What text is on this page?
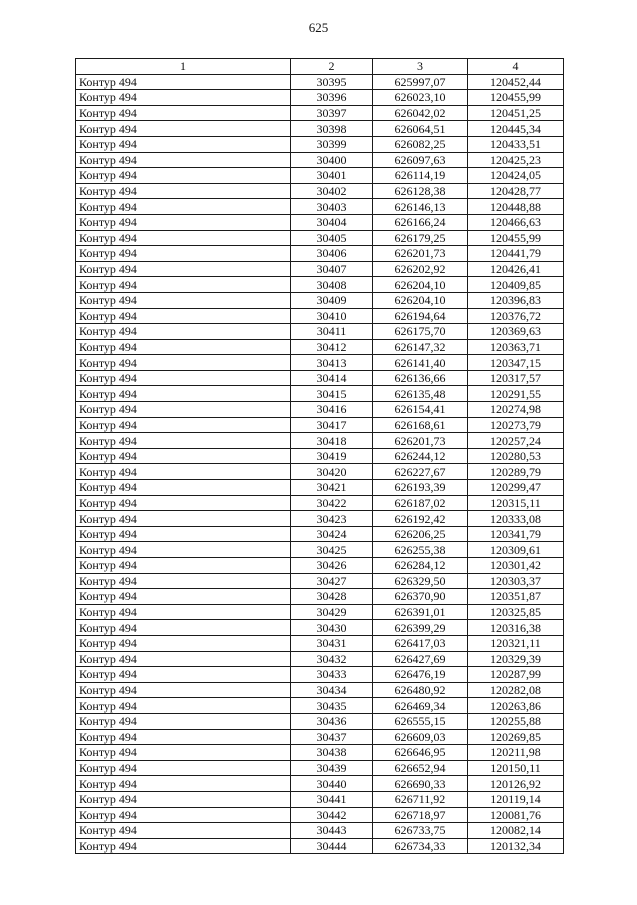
625
1	2	3	4
Контур 494	30395	625997,07	120452,44
Контур 494	30396	626023,10	120455,99
Контур 494	30397	626042,02	120451,25
Контур 494	30398	626064,51	120445,34
Контур 494	30399	626082,25	120433,51
Контур 494	30400	626097,63	120425,23
Контур 494	30401	626114,19	120424,05
Контур 494	30402	626128,38	120428,77
Контур 494	30403	626146,13	120448,88
Контур 494	30404	626166,24	120466,63
Контур 494	30405	626179,25	120455,99
Контур 494	30406	626201,73	120441,79
Контур 494	30407	626202,92	120426,41
Контур 494	30408	626204,10	120409,85
Контур 494	30409	626204,10	120396,83
Контур 494	30410	626194,64	120376,72
Контур 494	30411	626175,70	120369,63
Контур 494	30412	626147,32	120363,71
Контур 494	30413	626141,40	120347,15
Контур 494	30414	626136,66	120317,57
Контур 494	30415	626135,48	120291,55
Контур 494	30416	626154,41	120274,98
Контур 494	30417	626168,61	120273,79
Контур 494	30418	626201,73	120257,24
Контур 494	30419	626244,12	120280,53
Контур 494	30420	626227,67	120289,79
Контур 494	30421	626193,39	120299,47
Контур 494	30422	626187,02	120315,11
Контур 494	30423	626192,42	120333,08
Контур 494	30424	626206,25	120341,79
Контур 494	30425	626255,38	120309,61
Контур 494	30426	626284,12	120301,42
Контур 494	30427	626329,50	120303,37
Контур 494	30428	626370,90	120351,87
Контур 494	30429	626391,01	120325,85
Контур 494	30430	626399,29	120316,38
Контур 494	30431	626417,03	120321,11
Контур 494	30432	626427,69	120329,39
Контур 494	30433	626476,19	120287,99
Контур 494	30434	626480,92	120282,08
Контур 494	30435	626469,34	120263,86
Контур 494	30436	626555,15	120255,88
Контур 494	30437	626609,03	120269,85
Контур 494	30438	626646,95	120211,98
Контур 494	30439	626652,94	120150,11
Контур 494	30440	626690,33	120126,92
Контур 494	30441	626711,92	120119,14
Контур 494	30442	626718,97	120081,76
Контур 494	30443	626733,75	120082,14
Контур 494	30444	626734,33	120132,34
